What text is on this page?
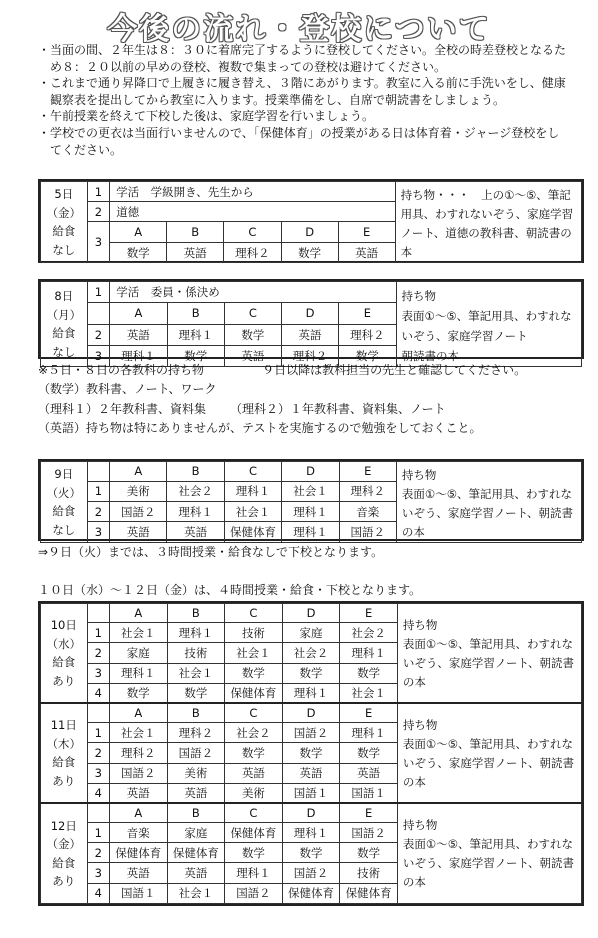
今後の流れ・登校について
・ 当面の間、２年生は８：３０に着席完了するように登校してください。全校の時差登校となるため８：２０以前の早めの登校、複数で集まっての登校は避けてください。
・ これまで通り昇降口で上履きに履き替え、３階にあがります。教室に入る前に手洗いをし、健康観察表を提出してから教室に入ります。授業準備をし、自席で朝読書をしましょう。
・ 午前授業を終えて下校した後は、家庭学習を行いましょう。
・ 学校での更衣は当面行いませんので、「保健体育」の授業がある日は体育着・ジャージ登校をしてください。
5日
（金）
給食
なし	1	学活　学級開き、先生から					持ち物・・・　上の①～⑤、筆記用具、わすれないぞう、家庭学習ノート、道徳の教科書、朝読書の本
	2	道徳					
	3	A	B	C	D	E	
		数学	英語	理科２	数学	英語	
8日
（月）
給食
なし	1	学活　委員・係決め					持ち物
表面①～⑤、筆記用具、わすれないぞう、家庭学習ノート
朝読書の本
		A	B	C	D	E	
	2	英語	理科１	数学	英語	理科２	
	3	理科１	数学	英語	理科２	数学	
※５日・８日の各教科の持ち物	９日以降は教科担当の先生と確認してください。
（数学）教科書、ノート、ワーク
（理科１）２年教科書、資料集 （理科２）１年教科書、資料集、ノート
（英語）持ち物は特にありませんが、テストを実施するので勉強をしておくこと。
9日
（火）
給食
なし		A	B	C	D	E	持ち物
表面①～⑤、筆記用具、わすれないぞう、家庭学習ノート、朝読書の本
	1	美術	社会２	理科１	社会１	理科２	
	2	国語２	理科１	社会１	理科１	音楽	
	3	英語	英語	保健体育	理科１	国語２	
⇒９日（火）までは、３時間授業・給食なしで下校となります。
１０日（水）～１２日（金）は、４時間授業・給食・下校となります。
10日
（水）
給食
あり		A	B	C	D	E	持ち物
表面①～⑤、筆記用具、わすれないぞう、家庭学習ノート、朝読書の本
	1	社会１	理科１	技術	家庭	社会２	
	2	家庭	技術	社会１	社会２	理科１	
	3	理科１	社会１	数学	数学	数学	
	4	数学	数学	保健体育	理科１	社会１	
11日
（木）
給食
あり		A	B	C	D	E	持ち物
表面①～⑤、筆記用具、わすれないぞう、家庭学習ノート、朝読書の本
	1	社会１	理科２	社会２	国語２	理科１	
	2	理科２	国語２	数学	数学	数学	
	3	国語２	美術	英語	英語	英語	
	4	英語	英語	美術	国語１	国語１	
12日
（金）
給食
あり		A	B	C	D	E	持ち物
表面①～⑤、筆記用具、わすれないぞう、家庭学習ノート、朝読書の本
	1	音楽	家庭	保健体育	理科１	国語２	
	2	保健体育	保健体育	数学	数学	数学	
	3	英語	英語	理科１	国語２	技術	
	4	国語１	社会１	国語２	保健体育	保健体育	
